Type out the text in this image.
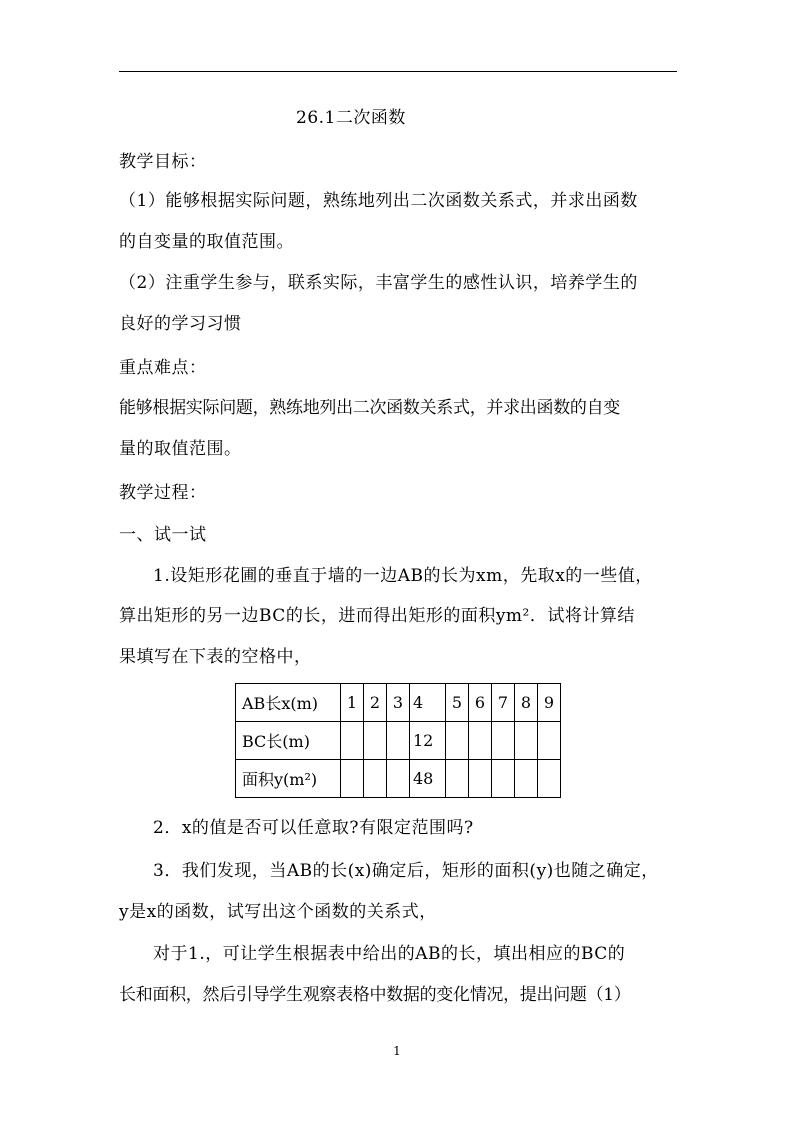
26.1二次函数
教学目标：
（1）能够根据实际问题，熟练地列出二次函数关系式，并求出函数
的自变量的取值范围。
（2）注重学生参与，联系实际，丰富学生的感性认识，培养学生的
良好的学习习惯
重点难点：
能够根据实际问题，熟练地列出二次函数关系式，并求出函数的自变
量的取值范围。
教学过程：
一、试一试
1.设矩形花圃的垂直于墙的一边AB的长为xm，先取x的一些值，
算出矩形的另一边BC的长，进而得出矩形的面积ym²．试将计算结
果填写在下表的空格中，
AB长x(m)	1	2	3	4	5	6	7	8	9
BC长(m)				12					
面积y(m²)				48					
2．x的值是否可以任意取?有限定范围吗?
3．我们发现，当AB的长(x)确定后，矩形的面积(y)也随之确定，
y是x的函数，试写出这个函数的关系式，
对于1.，可让学生根据表中给出的AB的长，填出相应的BC的
长和面积，然后引导学生观察表格中数据的变化情况，提出问题（1）
1
